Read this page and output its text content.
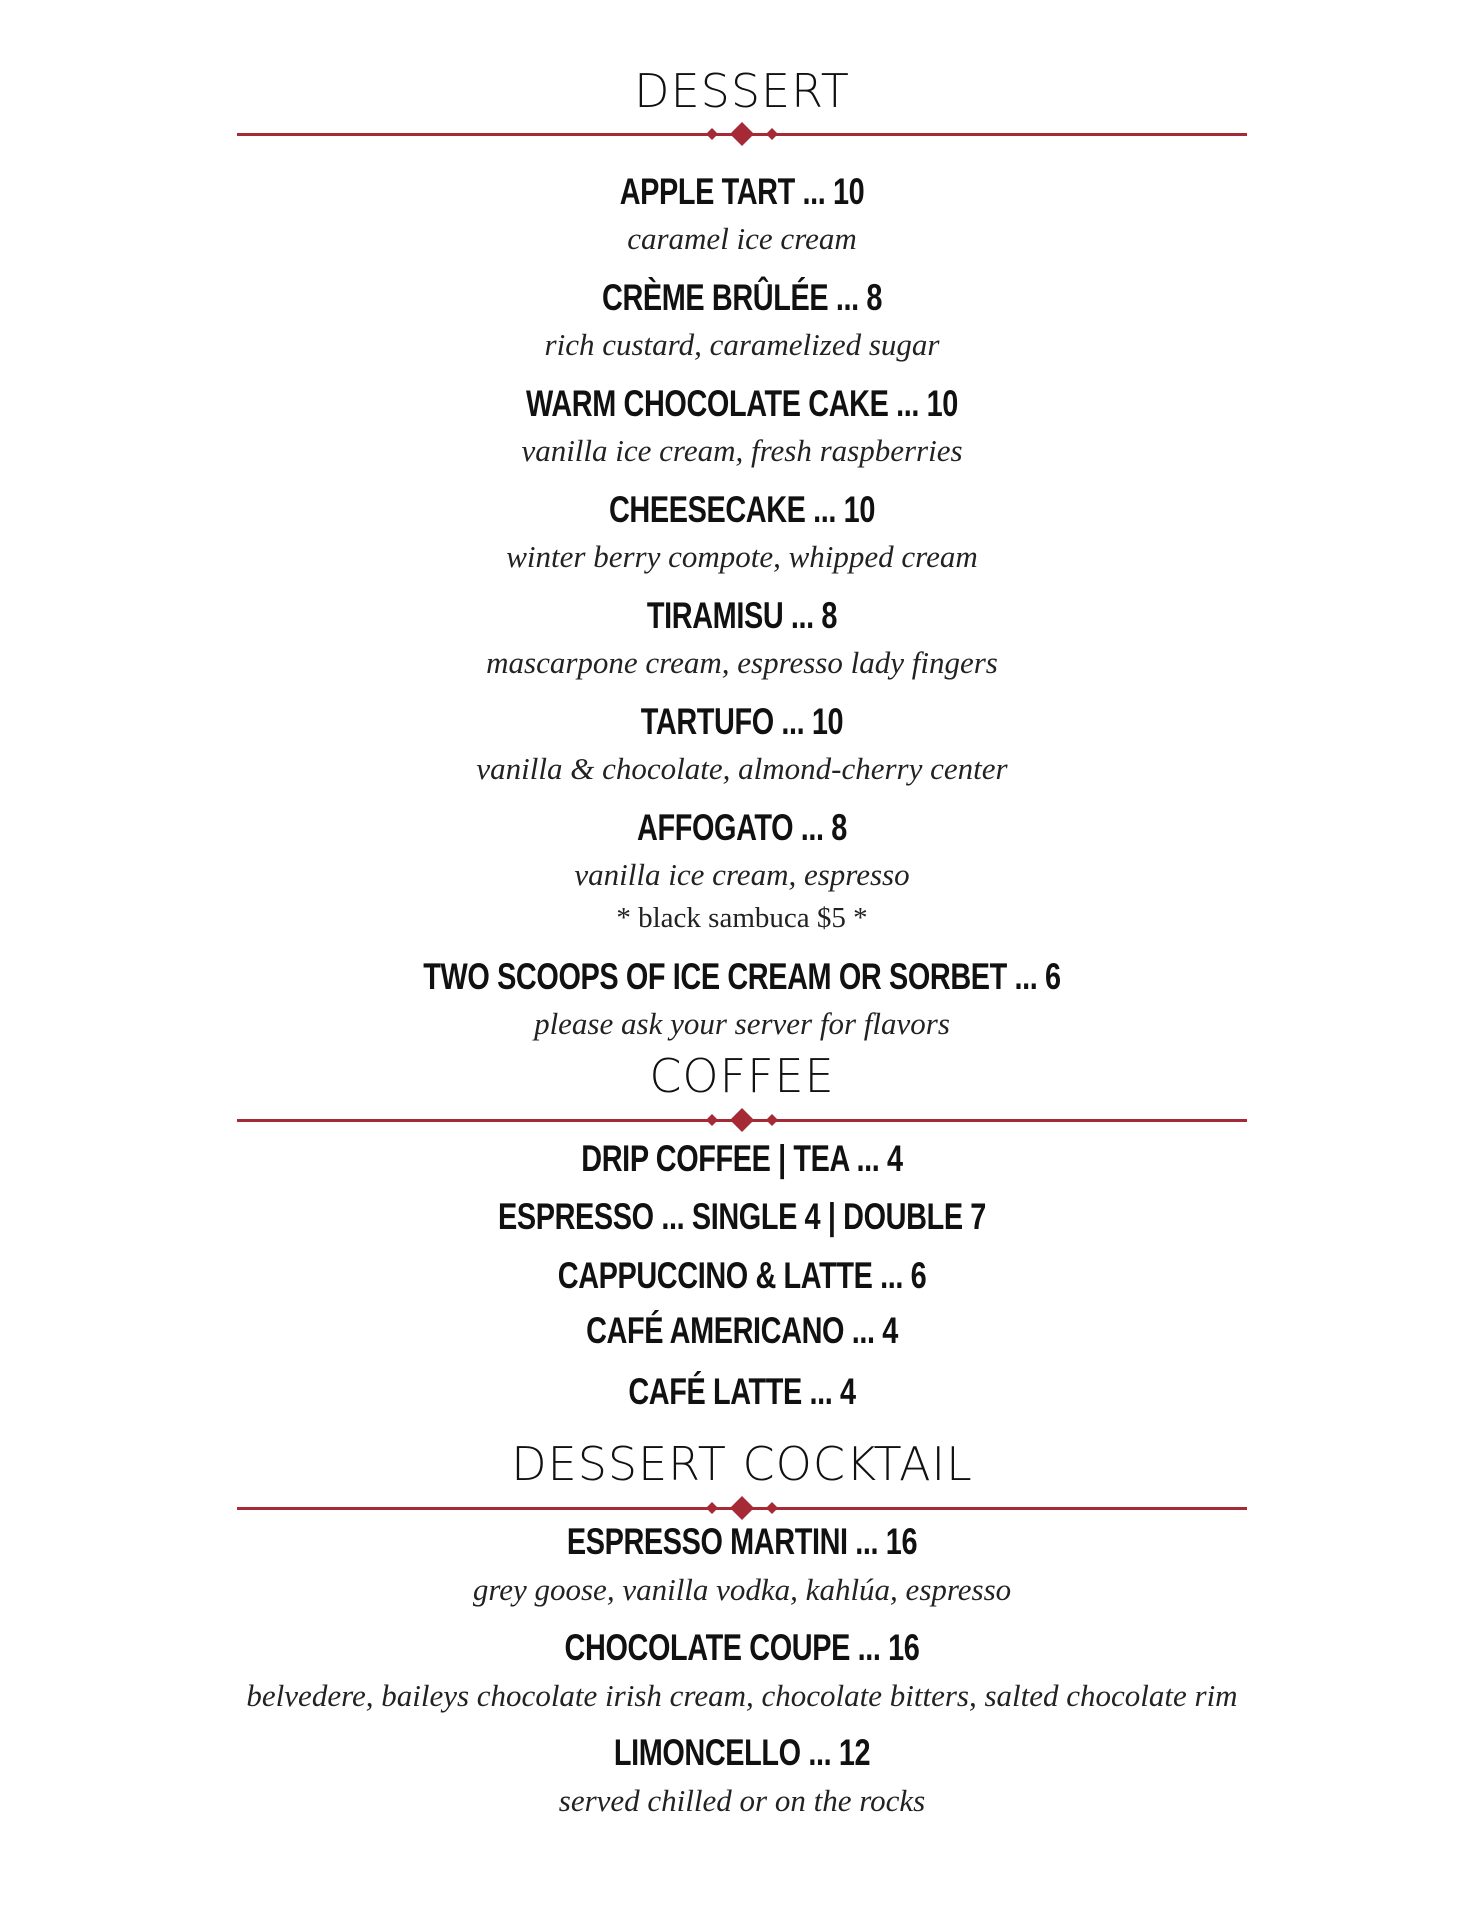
DESSERT
APPLE TART ... 10
caramel ice cream
CRÈME BRÛLÉE ... 8
rich custard, caramelized sugar
WARM CHOCOLATE CAKE ... 10
vanilla ice cream, fresh raspberries
CHEESECAKE ... 10
winter berry compote, whipped cream
TIRAMISU ... 8
mascarpone cream, espresso lady fingers
TARTUFO ... 10
vanilla & chocolate, almond-cherry center
AFFOGATO ... 8
vanilla ice cream, espresso
* black sambuca $5 *
TWO SCOOPS OF ICE CREAM OR SORBET ... 6
please ask your server for flavors
COFFEE
DRIP COFFEE | TEA ... 4
ESPRESSO ... SINGLE 4 | DOUBLE 7
CAPPUCCINO & LATTE ... 6
CAFÉ AMERICANO ... 4
CAFÉ LATTE ... 4
DESSERT COCKTAIL
ESPRESSO MARTINI ... 16
grey goose, vanilla vodka, kahlúa, espresso
CHOCOLATE COUPE ... 16
belvedere, baileys chocolate irish cream, chocolate bitters, salted chocolate rim
LIMONCELLO ... 12
served chilled or on the rocks
